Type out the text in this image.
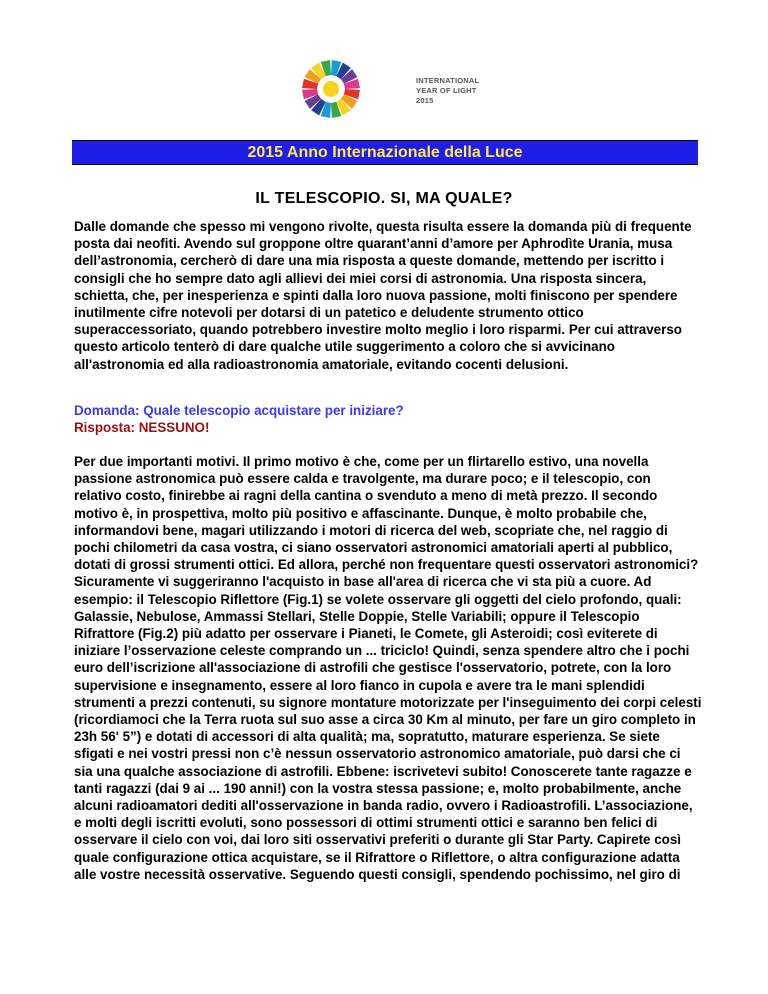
INTERNATIONAL
YEAR OF LIGHT
2015
2015 Anno Internazionale della Luce
IL TELESCOPIO. SI, MA QUALE?

Dalle domande che spesso mi vengono rivolte, questa risulta essere la domanda più di frequente posta dai neofiti. Avendo sul groppone oltre quarant’anni d’amore per Aphrodìte Urania, musa dell’astronomia, cercherò di dare una mia risposta a queste domande, mettendo per iscritto i consigli che ho sempre dato agli allievi dei miei corsi di astronomia. Una risposta sincera, schietta, che, per inesperienza e spinti dalla loro nuova passione, molti finiscono per spendere inutilmente cifre notevoli per dotarsi di un patetico e deludente strumento ottico superaccessoriato, quando potrebbero investire molto meglio i loro risparmi. Per cui attraverso questo articolo tenterò di dare qualche utile suggerimento a coloro che si avvicinano all'astronomia ed alla radioastronomia amatoriale, evitando cocenti delusioni.

Domanda: Quale telescopio acquistare per iniziare?
Risposta: NESSUNO!

Per due importanti motivi. Il primo motivo è che, come per un flirtarello estivo, una novella passione astronomica può essere calda e travolgente, ma durare poco; e il telescopio, con relativo costo, finirebbe ai ragni della cantina o svenduto a meno di metà prezzo. Il secondo motivo è, in prospettiva, molto più positivo e affascinante. Dunque, è molto probabile che, informandovi bene, magari utilizzando i motori di ricerca del web, scopriate che, nel raggio di pochi chilometri da casa vostra, ci siano osservatori astronomici amatoriali aperti al pubblico, dotati di grossi strumenti ottici. Ed allora, perché non frequentare questi osservatori astronomici? Sicuramente vi suggeriranno l'acquisto in base all'area di ricerca che vi sta più a cuore. Ad esempio: il Telescopio Riflettore (Fig.1) se volete osservare gli oggetti del cielo profondo, quali: Galassie, Nebulose, Ammassi Stellari, Stelle Doppie, Stelle Variabili; oppure il Telescopio Rifrattore (Fig.2) più adatto per osservare i Pianeti, le Comete, gli Asteroidi; così eviterete di iniziare l’osservazione celeste comprando un ... triciclo! Quindi, senza spendere altro che i pochi euro dell’iscrizione all'associazione di astrofili che gestisce l'osservatorio, potrete, con la loro supervisione e insegnamento, essere al loro fianco in cupola e avere tra le mani splendidi strumenti a prezzi contenuti, su signore montature motorizzate per l'inseguimento dei corpi celesti (ricordiamoci che la Terra ruota sul suo asse a circa 30 Km al minuto, per fare un giro completo in 23h 56' 5”) e dotati di accessori di alta qualità; ma, sopratutto, maturare esperienza. Se siete sfigati e nei vostri pressi non c’è nessun osservatorio astronomico amatoriale, può darsi che ci sia una qualche associazione di astrofili. Ebbene: iscrivetevi subito! Conoscerete tante ragazze e tanti ragazzi (dai 9 ai ... 190 anni!) con la vostra stessa passione; e, molto probabilmente, anche alcuni radioamatori dediti all'osservazione in banda radio, ovvero i Radioastrofili. L’associazione, e molti degli iscritti evoluti, sono possessori di ottimi strumenti ottici e saranno ben felici di osservare il cielo con voi, dai loro siti osservativi preferiti o durante gli Star Party. Capirete così quale configurazione ottica acquistare, se il Rifrattore o Riflettore, o altra configurazione adatta alle vostre necessità osservative. Seguendo questi consigli, spendendo pochissimo, nel giro di
